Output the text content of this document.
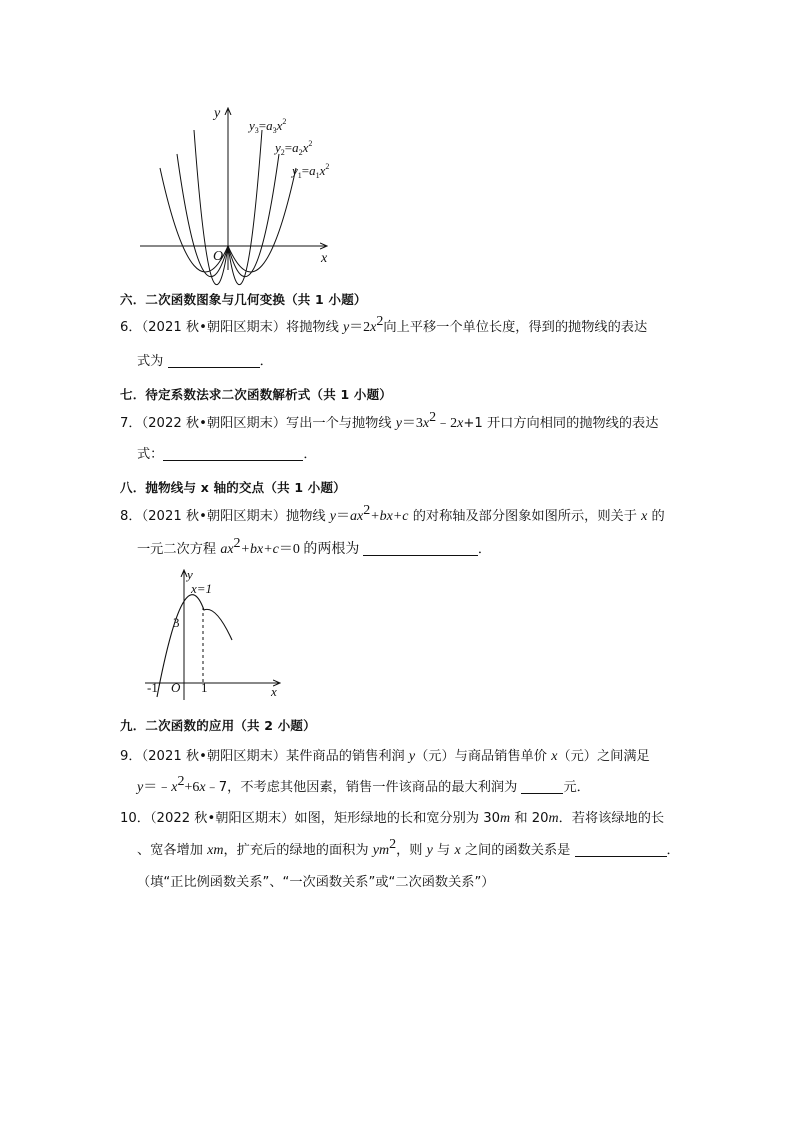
y
x
O
$y_3=a_3x^2$
$y_2=a_2x^2$
$y_1=a_1x^2$
六．二次函数图象与几何变换（共 1 小题）
6．（2021 秋•朝阳区期末）将抛物线 $y=2x^2$向上平移一个单位长度，得到的抛物线的表达
式为	．
七．待定系数法求二次函数解析式（共 1 小题）
7．（2022 秋•朝阳区期末）写出一个与抛物线 $y=3x^2﹣2x+1$ 开口方向相同的抛物线的表达
式：	．
八．抛物线与 x 轴的交点（共 1 小题）
8．（2021 秋•朝阳区期末）抛物线 $y=ax^2+bx+c$ 的对称轴及部分图象如图所示，则关于 x 的
一元二次方程 $ax^2+bx+c=0$ 的两根为	．
y
x
O
x=1
3
-1	1
九．二次函数的应用（共 2 小题）
9．（2021 秋•朝阳区期末）某件商品的销售利润 y（元）与商品销售单价 x（元）之间满足
$y=﹣x^2+6x﹣7$，不考虑其他因素，销售一件该商品的最大利润为	元．
10．（2022 秋•朝阳区期末）如图，矩形绿地的长和宽分别为 30m 和 20m．若将该绿地的长
、宽各增加 xm，扩充后的绿地的面积为 $ym^2$，则 y 与 x 之间的函数关系是	．
（填“正比例函数关系”、“一次函数关系”或“二次函数关系”）
